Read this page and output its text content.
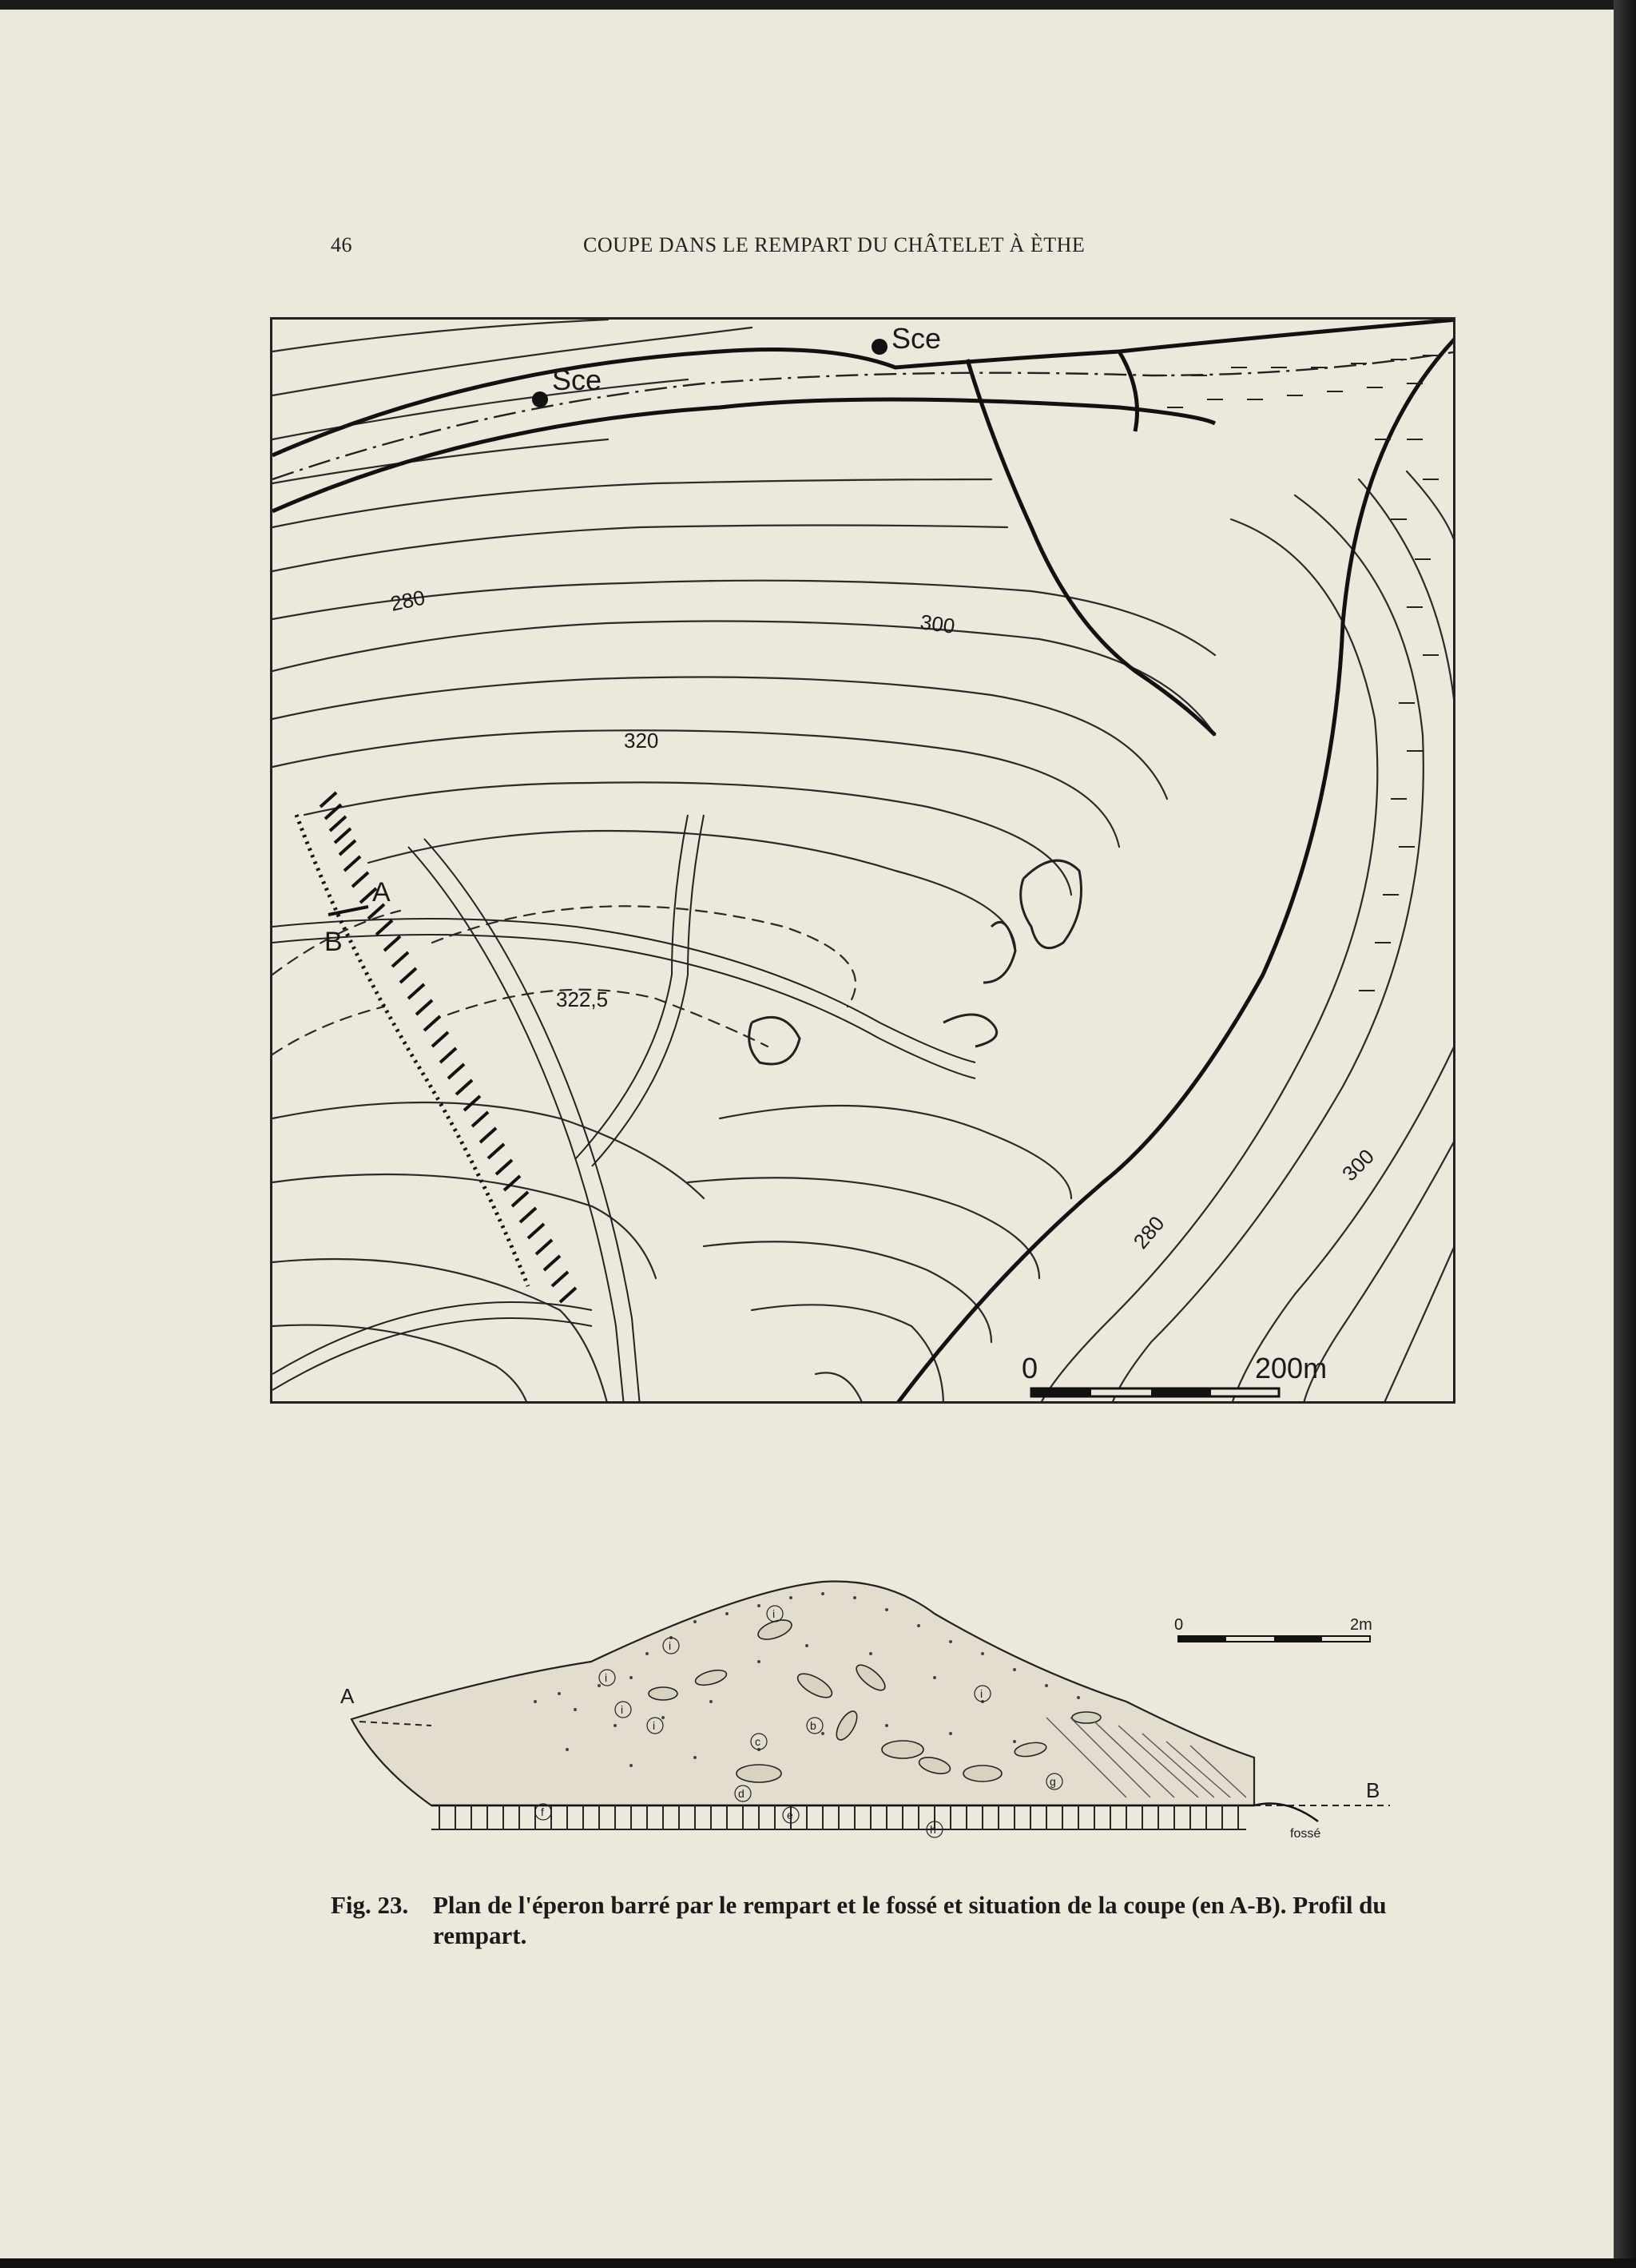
46	COUPE DANS LE REMPART DU CHÂTELET À ÈTHE
Sce
Sce
280
300
320
322,5
280
300
A
B
0	200m
A
B
0	2m
i
i
i
i
i
i
b
c
d
e
f
g
h	fossé
Fig. 23. Plan de l'éperon barré par le rempart et le fossé et situation de la coupe (en A-B). Profil du rempart.
